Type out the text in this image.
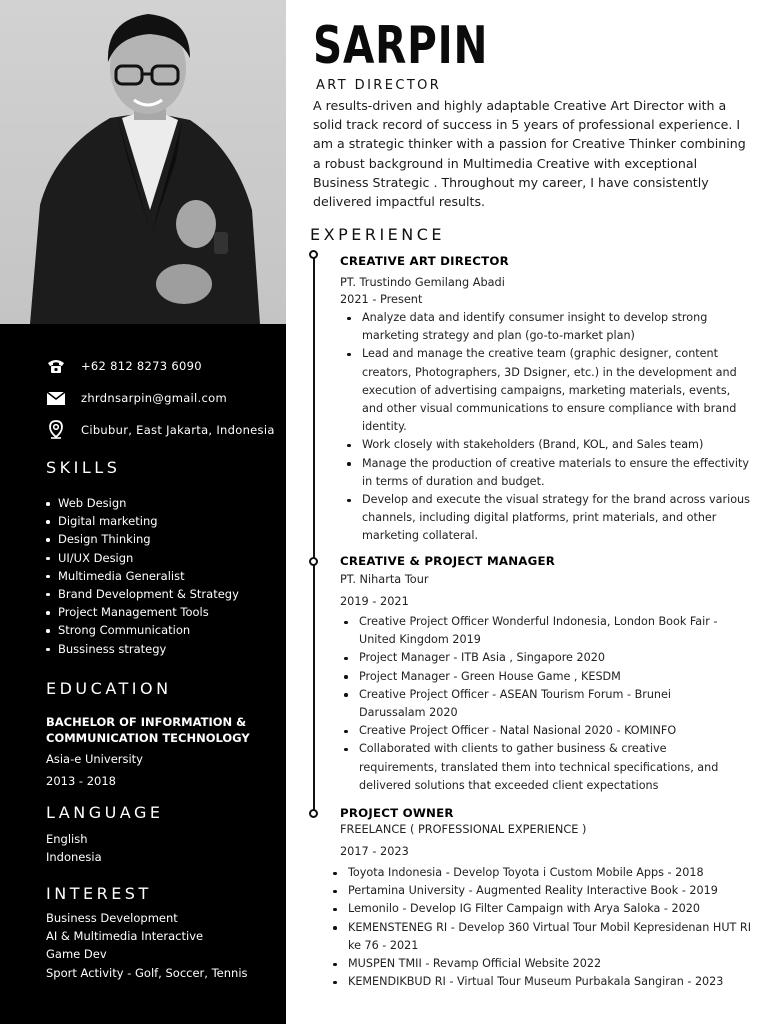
+62 812 8273 6090
zhrdnsarpin@gmail.com
Cibubur, East Jakarta, Indonesia
SKILLS
Web Design
Digital marketing
Design Thinking
UI/UX Design
Multimedia Generalist
Brand Development & Strategy
Project Management Tools
Strong Communication
Bussiness strategy
EDUCATION
BACHELOR OF INFORMATION & COMMUNICATION TECHNOLOGY
Asia-e University
2013 - 2018
LANGUAGE
English
Indonesia
INTEREST
Business Development
AI & Multimedia Interactive
Game Dev
Sport Activity - Golf, Soccer, Tennis
SARPIN
ART DIRECTOR
A results-driven and highly adaptable Creative Art Director with a solid track record of success in 5 years of professional experience. I am a strategic thinker with a passion for Creative Thinker combining a robust background in Multimedia Creative with exceptional Business Strategic . Throughout my career, I have consistently delivered impactful results.
EXPERIENCE
CREATIVE ART DIRECTOR
PT. Trustindo Gemilang Abadi
2021 - Present
Analyze data and identify consumer insight to develop strong marketing strategy and plan (go-to-market plan)
Lead and manage the creative team (graphic designer, content creators, Photographers, 3D Dsigner, etc.) in the development and execution of advertising campaigns, marketing materials, events, and other visual communications to ensure compliance with brand identity.
Work closely with stakeholders (Brand, KOL, and Sales team)
Manage the production of creative materials to ensure the effectivity in terms of duration and budget.
Develop and execute the visual strategy for the brand across various channels, including digital platforms, print materials, and other marketing collateral.
CREATIVE & PROJECT MANAGER
PT. Niharta Tour
2019 - 2021
Creative Project Officer Wonderful Indonesia, London Book Fair - United Kingdom 2019
Project Manager - ITB Asia , Singapore 2020
Project Manager - Green House Game , KESDM
Creative Project Officer - ASEAN Tourism Forum - Brunei Darussalam 2020
Creative Project Officer - Natal Nasional 2020 - KOMINFO
Collaborated with clients to gather business & creative requirements, translated them into technical specifications, and delivered solutions that exceeded client expectations
PROJECT OWNER
FREELANCE ( PROFESSIONAL EXPERIENCE )
2017 - 2023
Toyota Indonesia - Develop Toyota i Custom Mobile Apps - 2018
Pertamina University - Augmented Reality Interactive Book - 2019
Lemonilo - Develop IG Filter Campaign with Arya Saloka - 2020
KEMENSTENEG RI - Develop 360 Virtual Tour Mobil Kepresidenan HUT RI ke 76 - 2021
MUSPEN TMII - Revamp Official Website 2022
KEMENDIKBUD RI - Virtual Tour Museum Purbakala Sangiran - 2023
